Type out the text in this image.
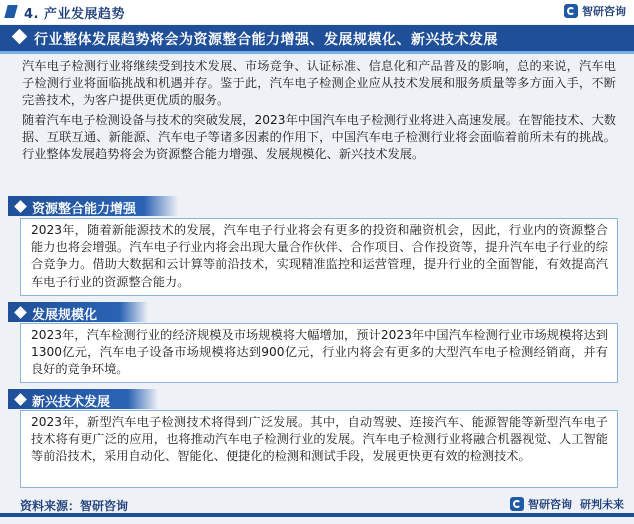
4. 产业发展趋势	智研咨询
行业整体发展趋势将会为资源整合能力增强、发展规模化、新兴技术发展

汽车电子检测行业将继续受到技术发展、市场竞争、认证标准、信息化和产品普及的影响，总的来说，汽车电子检测行业将面临挑战和机遇并存。鉴于此，汽车电子检测企业应从技术发展和服务质量等多方面入手，不断完善技术，为客户提供更优质的服务。

随着汽车电子检测设备与技术的突破发展，2023年中国汽车电子检测行业将进入高速发展。在智能技术、大数据、互联互通、新能源、汽车电子等诸多因素的作用下，中国汽车电子检测行业将会面临着前所未有的挑战。行业整体发展趋势将会为资源整合能力增强、发展规模化、新兴技术发展。

资源整合能力增强
2023年，随着新能源技术的发展，汽车电子行业将会有更多的投资和融资机会，因此，行业内的资源整合能力也将会增强。汽车电子行业内将会出现大量合作伙伴、合作项目、合作投资等，提升汽车电子行业的综合竞争力。借助大数据和云计算等前沿技术，实现精准监控和运营管理，提升行业的全面智能，有效提高汽车电子行业的资源整合能力。
发展规模化
2023年，汽车检测行业的经济规模及市场规模将大幅增加，预计2023年中国汽车检测行业市场规模将达到1300亿元，汽车电子设备市场规模将达到900亿元，行业内将会有更多的大型汽车电子检测经销商，并有良好的竞争环境。
新兴技术发展
2023年，新型汽车电子检测技术将得到广泛发展。其中，自动驾驶、连接汽车、能源智能等新型汽车电子技术将有更广泛的应用，也将推动汽车电子检测行业的发展。汽车电子检测行业将融合机器视觉、人工智能等前沿技术，采用自动化、智能化、便捷化的检测和测试手段，发展更快更有效的检测技术。
资料来源：智研咨询	智研咨询 研判未来
